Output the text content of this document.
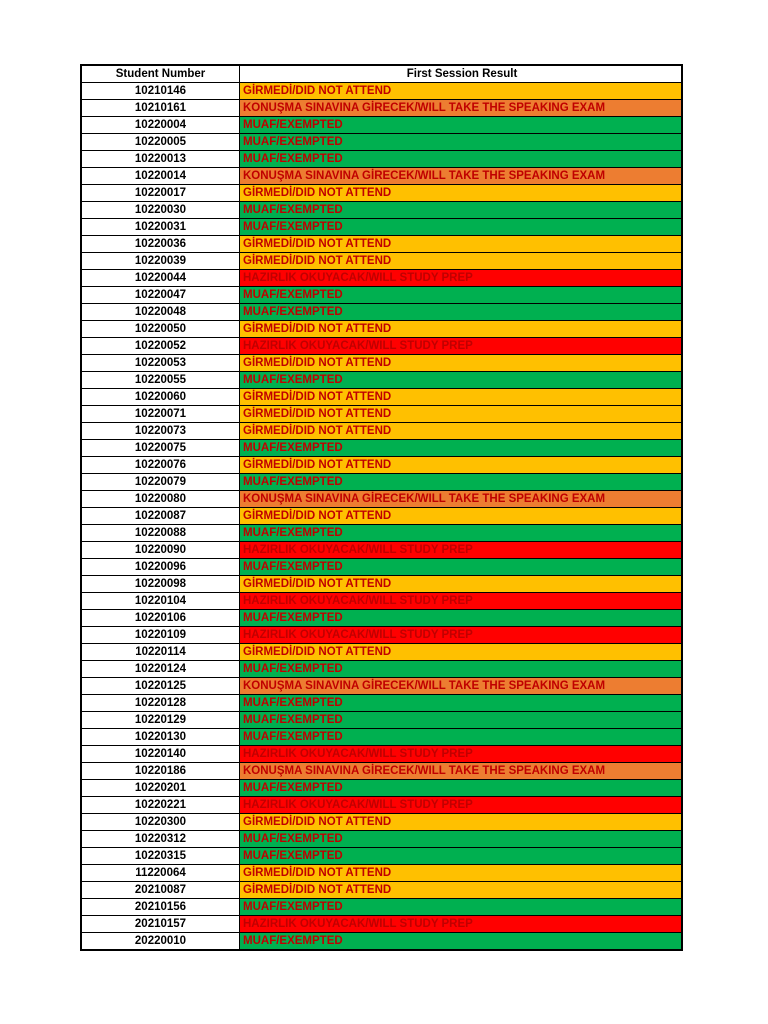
Student Number	First Session Result
10210146	GİRMEDİ/DID NOT ATTEND
10210161	KONUŞMA SINAVINA GİRECEK/WILL TAKE THE SPEAKING EXAM
10220004	MUAF/EXEMPTED
10220005	MUAF/EXEMPTED
10220013	MUAF/EXEMPTED
10220014	KONUŞMA SINAVINA GİRECEK/WILL TAKE THE SPEAKING EXAM
10220017	GİRMEDİ/DID NOT ATTEND
10220030	MUAF/EXEMPTED
10220031	MUAF/EXEMPTED
10220036	GİRMEDİ/DID NOT ATTEND
10220039	GİRMEDİ/DID NOT ATTEND
10220044	HAZIRLIK OKUYACAK/WILL STUDY PREP
10220047	MUAF/EXEMPTED
10220048	MUAF/EXEMPTED
10220050	GİRMEDİ/DID NOT ATTEND
10220052	HAZIRLIK OKUYACAK/WILL STUDY PREP
10220053	GİRMEDİ/DID NOT ATTEND
10220055	MUAF/EXEMPTED
10220060	GİRMEDİ/DID NOT ATTEND
10220071	GİRMEDİ/DID NOT ATTEND
10220073	GİRMEDİ/DID NOT ATTEND
10220075	MUAF/EXEMPTED
10220076	GİRMEDİ/DID NOT ATTEND
10220079	MUAF/EXEMPTED
10220080	KONUŞMA SINAVINA GİRECEK/WILL TAKE THE SPEAKING EXAM
10220087	GİRMEDİ/DID NOT ATTEND
10220088	MUAF/EXEMPTED
10220090	HAZIRLIK OKUYACAK/WILL STUDY PREP
10220096	MUAF/EXEMPTED
10220098	GİRMEDİ/DID NOT ATTEND
10220104	HAZIRLIK OKUYACAK/WILL STUDY PREP
10220106	MUAF/EXEMPTED
10220109	HAZIRLIK OKUYACAK/WILL STUDY PREP
10220114	GİRMEDİ/DID NOT ATTEND
10220124	MUAF/EXEMPTED
10220125	KONUŞMA SINAVINA GİRECEK/WILL TAKE THE SPEAKING EXAM
10220128	MUAF/EXEMPTED
10220129	MUAF/EXEMPTED
10220130	MUAF/EXEMPTED
10220140	HAZIRLIK OKUYACAK/WILL STUDY PREP
10220186	KONUŞMA SINAVINA GİRECEK/WILL TAKE THE SPEAKING EXAM
10220201	MUAF/EXEMPTED
10220221	HAZIRLIK OKUYACAK/WILL STUDY PREP
10220300	GİRMEDİ/DID NOT ATTEND
10220312	MUAF/EXEMPTED
10220315	MUAF/EXEMPTED
11220064	GİRMEDİ/DID NOT ATTEND
20210087	GİRMEDİ/DID NOT ATTEND
20210156	MUAF/EXEMPTED
20210157	HAZIRLIK OKUYACAK/WILL STUDY PREP
20220010	MUAF/EXEMPTED
